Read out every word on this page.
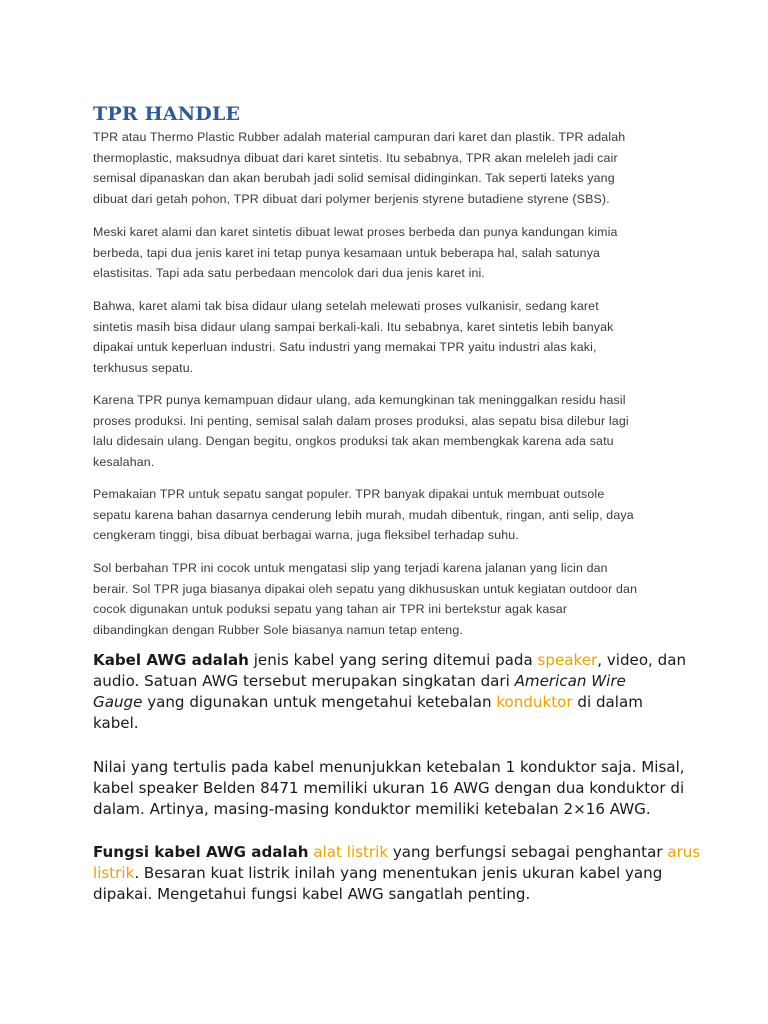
TPR HANDLE

TPR atau Thermo Plastic Rubber adalah material campuran dari karet dan plastik. TPR adalah
thermoplastic, maksudnya dibuat dari karet sintetis. Itu sebabnya, TPR akan meleleh jadi cair
semisal dipanaskan dan akan berubah jadi solid semisal didinginkan. Tak seperti lateks yang
dibuat dari getah pohon, TPR dibuat dari polymer berjenis styrene butadiene styrene (SBS).

Meski karet alami dan karet sintetis dibuat lewat proses berbeda dan punya kandungan kimia
berbeda, tapi dua jenis karet ini tetap punya kesamaan untuk beberapa hal, salah satunya
elastisitas. Tapi ada satu perbedaan mencolok dari dua jenis karet ini.

Bahwa, karet alami tak bisa didaur ulang setelah melewati proses vulkanisir, sedang karet
sintetis masih bisa didaur ulang sampai berkali-kali. Itu sebabnya, karet sintetis lebih banyak
dipakai untuk keperluan industri. Satu industri yang memakai TPR yaitu industri alas kaki,
terkhusus sepatu.

Karena TPR punya kemampuan didaur ulang, ada kemungkinan tak meninggalkan residu hasil
proses produksi. Ini penting, semisal salah dalam proses produksi, alas sepatu bisa dilebur lagi
lalu didesain ulang. Dengan begitu, ongkos produksi tak akan membengkak karena ada satu
kesalahan.

Pemakaian TPR untuk sepatu sangat populer. TPR banyak dipakai untuk membuat outsole
sepatu karena bahan dasarnya cenderung lebih murah, mudah dibentuk, ringan, anti selip, daya
cengkeram tinggi, bisa dibuat berbagai warna, juga fleksibel terhadap suhu.

Sol berbahan TPR ini cocok untuk mengatasi slip yang terjadi karena jalanan yang licin dan
berair. Sol TPR juga biasanya dipakai oleh sepatu yang dikhususkan untuk kegiatan outdoor dan
cocok digunakan untuk poduksi sepatu yang tahan air TPR ini bertekstur agak kasar
dibandingkan dengan Rubber Sole biasanya namun tetap enteng.

Kabel AWG adalah jenis kabel yang sering ditemui pada speaker, video, dan
audio. Satuan AWG tersebut merupakan singkatan dari American Wire
Gauge yang digunakan untuk mengetahui ketebalan konduktor di dalam
kabel.

Nilai yang tertulis pada kabel menunjukkan ketebalan 1 konduktor saja. Misal,
kabel speaker Belden 8471 memiliki ukuran 16 AWG dengan dua konduktor di
dalam. Artinya, masing-masing konduktor memiliki ketebalan 2×16 AWG.

Fungsi kabel AWG adalah alat listrik yang berfungsi sebagai penghantar arus
listrik. Besaran kuat listrik inilah yang menentukan jenis ukuran kabel yang
dipakai. Mengetahui fungsi kabel AWG sangatlah penting.
